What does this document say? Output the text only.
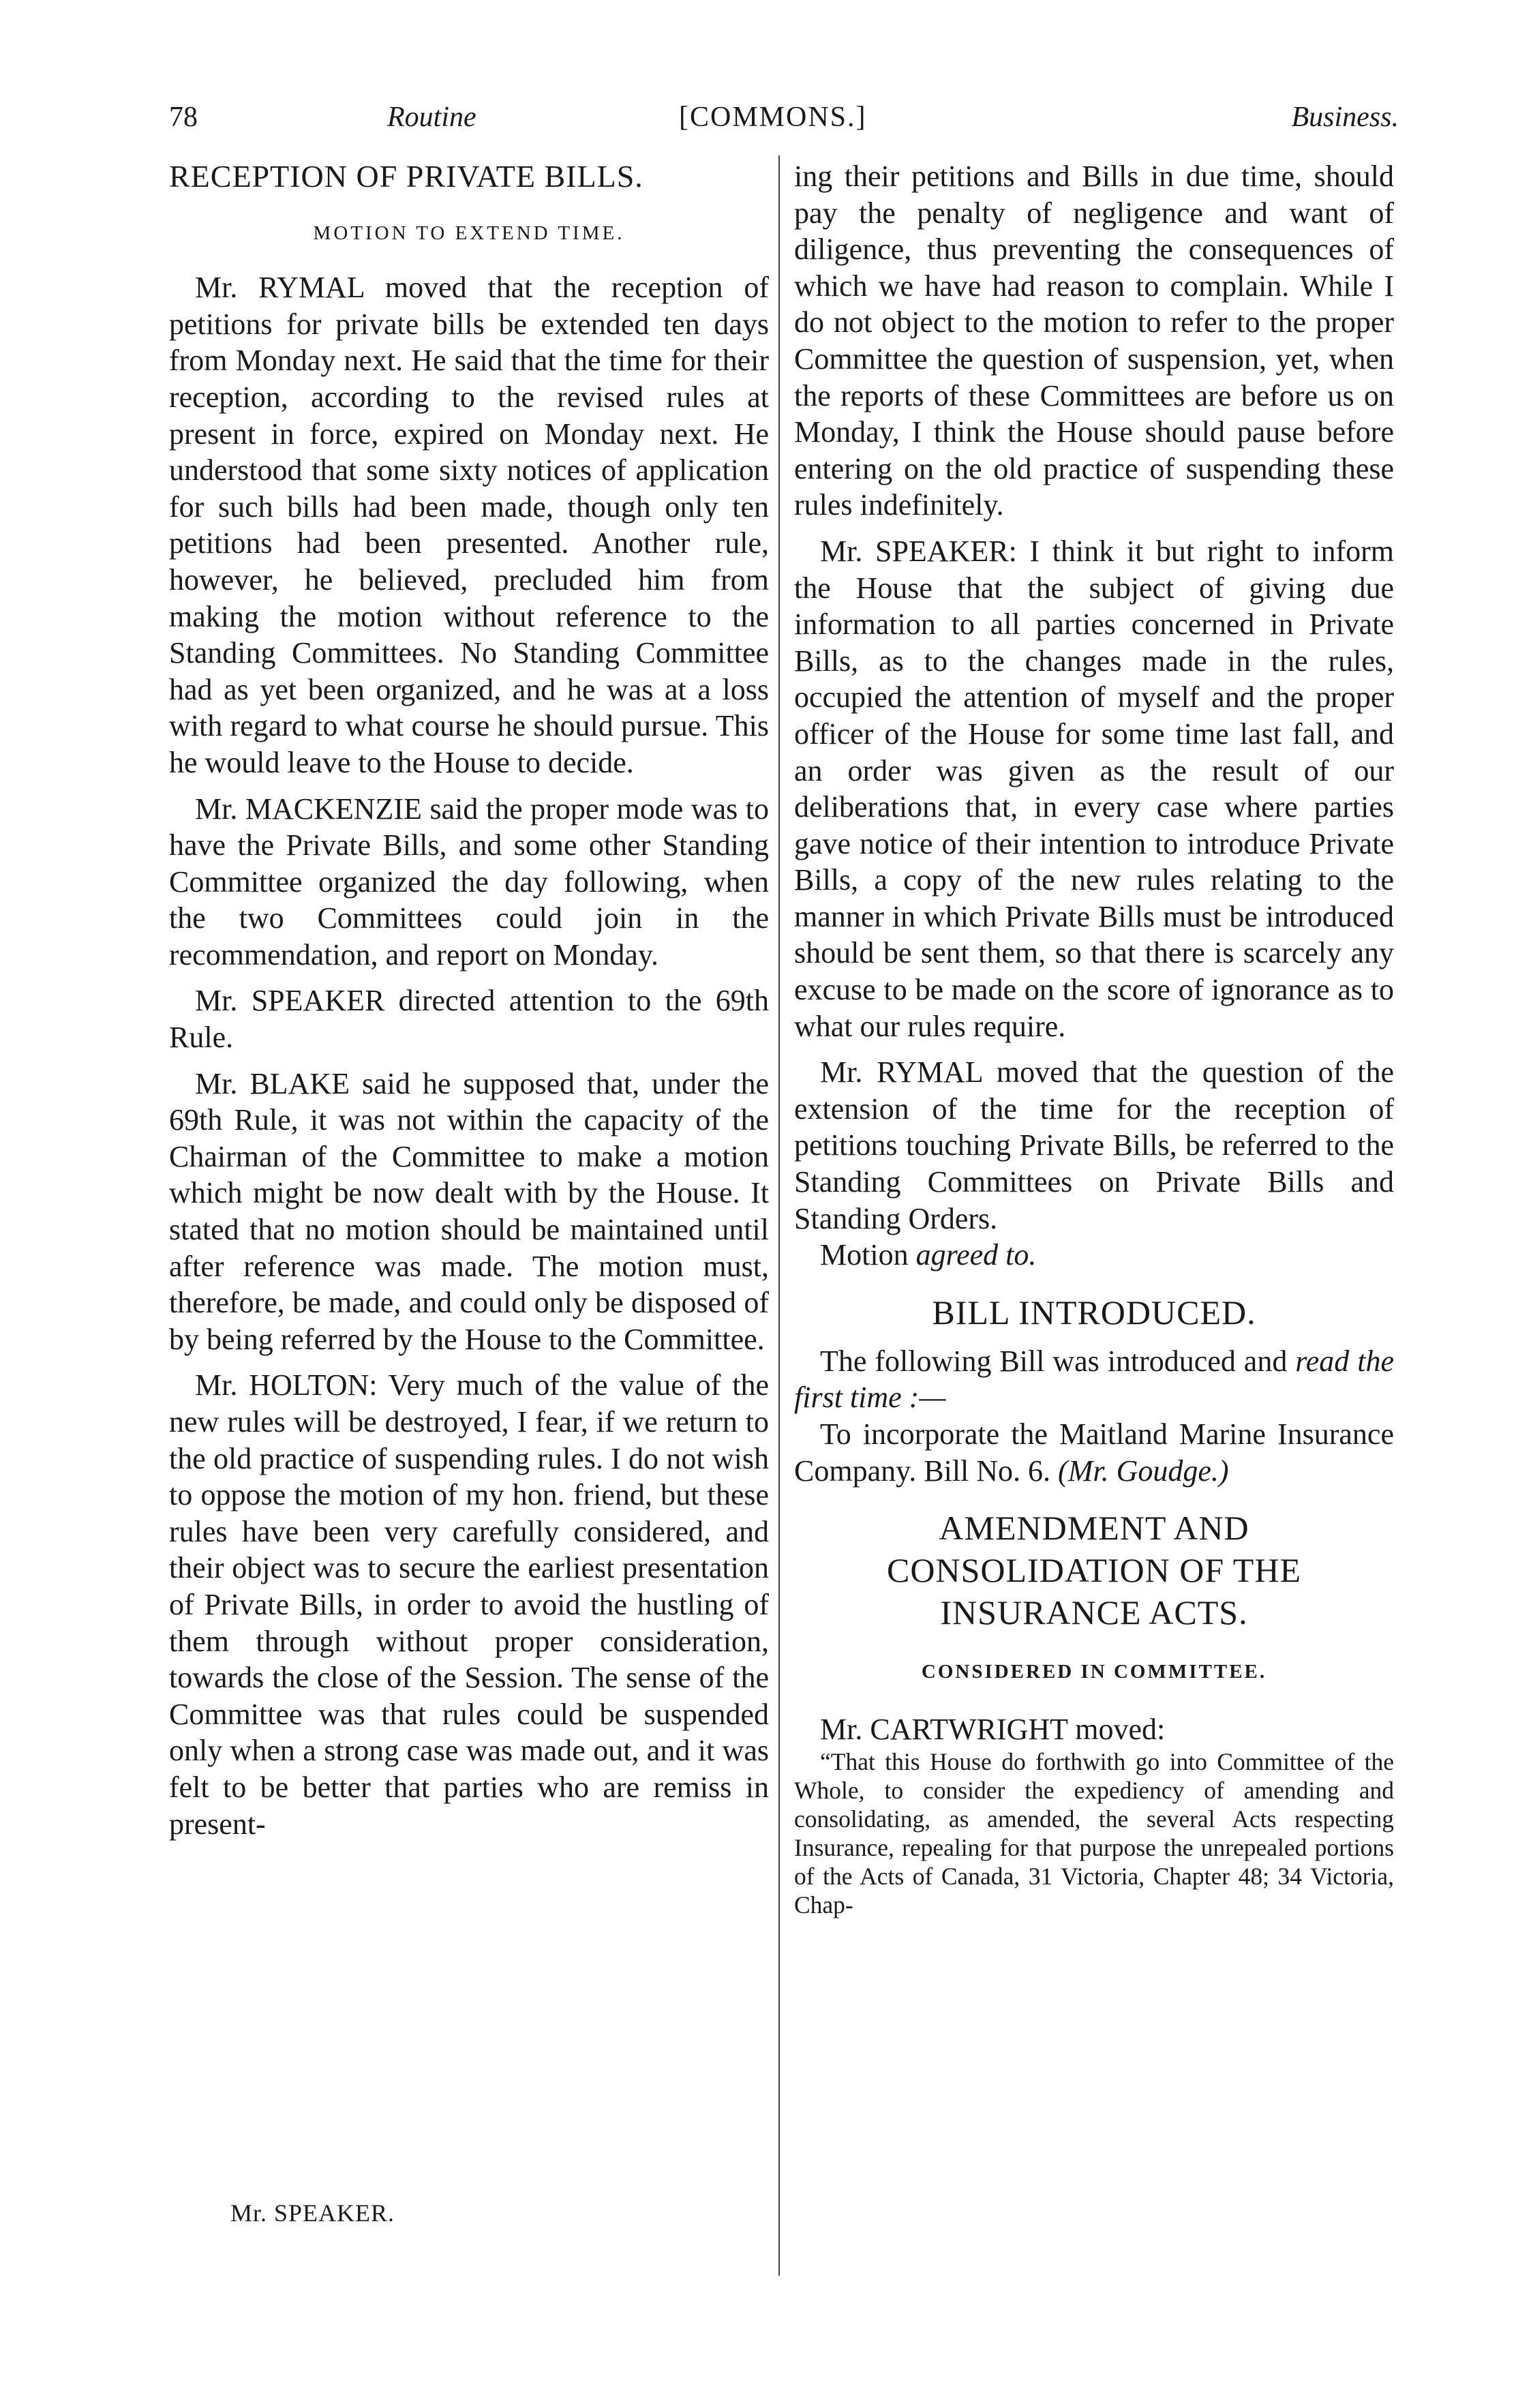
78	Routine	[COMMONS.]	Business.
RECEPTION OF PRIVATE BILLS.
MOTION TO EXTEND TIME.

Mr. RYMAL moved that the reception of petitions for private bills be extended ten days from Monday next. He said that the time for their reception, according to the revised rules at present in force, expired on Monday next. He understood that some sixty notices of application for such bills had been made, though only ten petitions had been presented. Another rule, however, he believed, precluded him from making the motion without reference to the Standing Committees. No Standing Committee had as yet been organized, and he was at a loss with regard to what course he should pursue. This he would leave to the House to decide.

Mr. MACKENZIE said the proper mode was to have the Private Bills, and some other Standing Committee organized the day following, when the two Committees could join in the recommendation, and report on Monday.

Mr. SPEAKER directed attention to the 69th Rule.

Mr. BLAKE said he supposed that, under the 69th Rule, it was not within the capacity of the Chairman of the Committee to make a motion which might be now dealt with by the House. It stated that no motion should be maintained until after reference was made. The motion must, therefore, be made, and could only be disposed of by being referred by the House to the Committee.

Mr. HOLTON: Very much of the value of the new rules will be destroyed, I fear, if we return to the old practice of suspending rules. I do not wish to oppose the motion of my hon. friend, but these rules have been very carefully considered, and their object was to secure the earliest presentation of Private Bills, in order to avoid the hustling of them through without proper consideration, towards the close of the Session. The sense of the Committee was that rules could be suspended only when a strong case was made out, and it was felt to be better that parties who are remiss in present-

Mr. SPEAKER.

ing their petitions and Bills in due time, should pay the penalty of negligence and want of diligence, thus preventing the consequences of which we have had reason to complain. While I do not object to the motion to refer to the proper Committee the question of suspension, yet, when the reports of these Committees are before us on Monday, I think the House should pause before entering on the old practice of suspending these rules indefinitely.

Mr. SPEAKER: I think it but right to inform the House that the subject of giving due information to all parties concerned in Private Bills, as to the changes made in the rules, occupied the attention of myself and the proper officer of the House for some time last fall, and an order was given as the result of our deliberations that, in every case where parties gave notice of their intention to introduce Private Bills, a copy of the new rules relating to the manner in which Private Bills must be introduced should be sent them, so that there is scarcely any excuse to be made on the score of ignorance as to what our rules require.

Mr. RYMAL moved that the question of the extension of the time for the reception of petitions touching Private Bills, be referred to the Standing Committees on Private Bills and Standing Orders.

Motion agreed to.

BILL INTRODUCED.

The following Bill was introduced and read the first time :—

To incorporate the Maitland Marine Insurance Company. Bill No. 6. (Mr. Goudge.)

AMENDMENT AND CONSOLIDATION OF THE INSURANCE ACTS.
CONSIDERED IN COMMITTEE.

Mr. CARTWRIGHT moved:

“That this House do forthwith go into Committee of the Whole, to consider the expediency of amending and consolidating, as amended, the several Acts respecting Insurance, repealing for that purpose the unrepealed portions of the Acts of Canada, 31 Victoria, Chapter 48; 34 Victoria, Chap-
